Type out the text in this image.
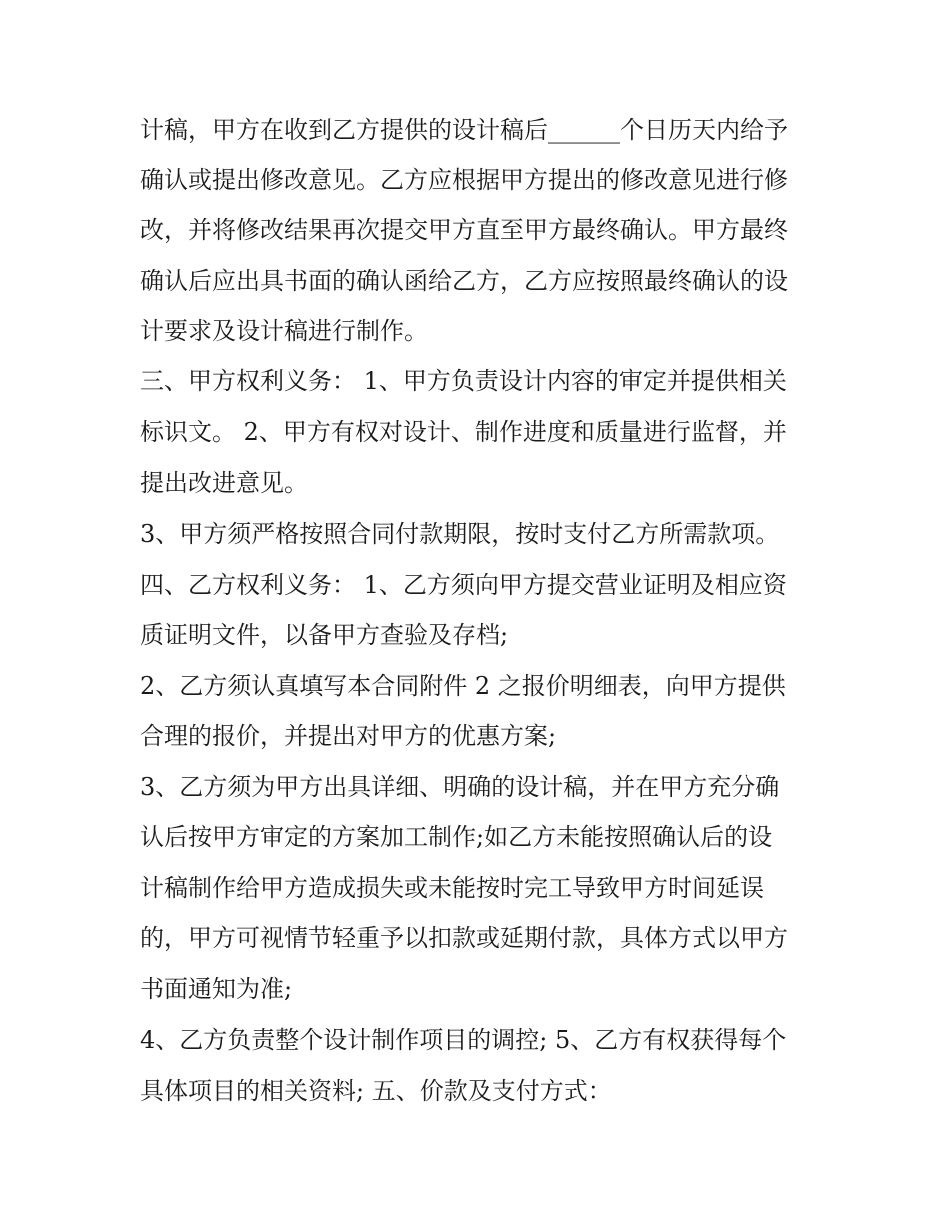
计稿，甲方在收到乙方提供的设计稿后______个日历天内给予
确认或提出修改意见。乙方应根据甲方提出的修改意见进行修
改，并将修改结果再次提交甲方直至甲方最终确认。甲方最终
确认后应出具书面的确认函给乙方，乙方应按照最终确认的设
计要求及设计稿进行制作。
三、甲方权利义务： 1、甲方负责设计内容的审定并提供相关
标识文。 2、甲方有权对设计、制作进度和质量进行监督，并
提出改进意见。
3、甲方须严格按照合同付款期限，按时支付乙方所需款项。
四、乙方权利义务： 1、乙方须向甲方提交营业证明及相应资
质证明文件，以备甲方查验及存档;
2、乙方须认真填写本合同附件 2 之报价明细表，向甲方提供
合理的报价，并提出对甲方的优惠方案;
3、乙方须为甲方出具详细、明确的设计稿，并在甲方充分确
认后按甲方审定的方案加工制作;如乙方未能按照确认后的设
计稿制作给甲方造成损失或未能按时完工导致甲方时间延误
的，甲方可视情节轻重予以扣款或延期付款，具体方式以甲方
书面通知为准;
4、乙方负责整个设计制作项目的调控; 5、乙方有权获得每个
具体项目的相关资料; 五、价款及支付方式：
